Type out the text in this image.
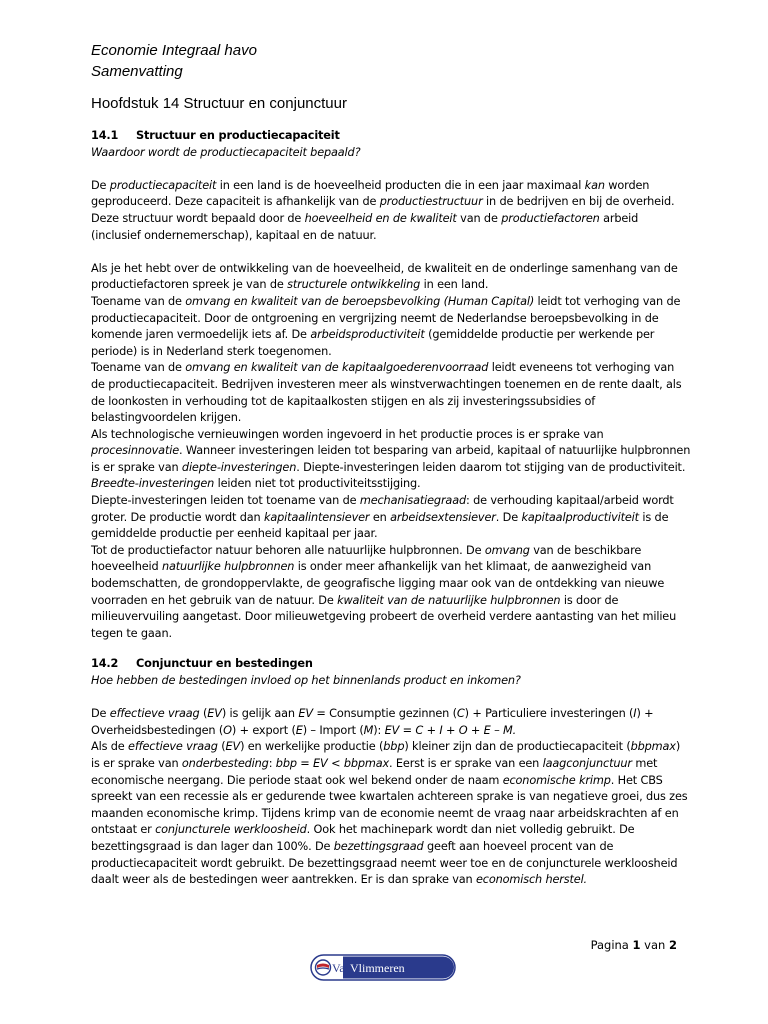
Economie Integraal havo
Samenvatting
Hoofdstuk 14 Structuur en conjunctuur
14.1 Structuur en productiecapaciteit
Waardoor wordt de productiecapaciteit bepaald?

De productiecapaciteit in een land is de hoeveelheid producten die in een jaar maximaal kan worden geproduceerd. Deze capaciteit is afhankelijk van de productiestructuur in de bedrijven en bij de overheid. Deze structuur wordt bepaald door de hoeveelheid en de kwaliteit van de productiefactoren arbeid (inclusief ondernemerschap), kapitaal en de natuur.

Als je het hebt over de ontwikkeling van de hoeveelheid, de kwaliteit en de onderlinge samenhang van de productiefactoren spreek je van de structurele ontwikkeling in een land.
Toename van de omvang en kwaliteit van de beroepsbevolking (Human Capital) leidt tot verhoging van de productiecapaciteit. Door de ontgroening en vergrijzing neemt de Nederlandse beroepsbevolking in de komende jaren vermoedelijk iets af. De arbeidsproductiviteit (gemiddelde productie per werkende per periode) is in Nederland sterk toegenomen.
Toename van de omvang en kwaliteit van de kapitaalgoederenvoorraad leidt eveneens tot verhoging van de productiecapaciteit. Bedrijven investeren meer als winstverwachtingen toenemen en de rente daalt, als de loonkosten in verhouding tot de kapitaalkosten stijgen en als zij investeringssubsidies of belastingvoordelen krijgen.
Als technologische vernieuwingen worden ingevoerd in het productie proces is er sprake van procesinnovatie. Wanneer investeringen leiden tot besparing van arbeid, kapitaal of natuurlijke hulpbronnen is er sprake van diepte-investeringen. Diepte-investeringen leiden daarom tot stijging van de productiviteit. Breedte-investeringen leiden niet tot productiviteitsstijging.
Diepte-investeringen leiden tot toename van de mechanisatiegraad: de verhouding kapitaal/arbeid wordt groter. De productie wordt dan kapitaalintensiever en arbeidsextensiever. De kapitaalproductiviteit is de gemiddelde productie per eenheid kapitaal per jaar.
Tot de productiefactor natuur behoren alle natuurlijke hulpbronnen. De omvang van de beschikbare hoeveelheid natuurlijke hulpbronnen is onder meer afhankelijk van het klimaat, de aanwezigheid van bodemschatten, de grondoppervlakte, de geografische ligging maar ook van de ontdekking van nieuwe voorraden en het gebruik van de natuur. De kwaliteit van de natuurlijke hulpbronnen is door de milieuvervuiling aangetast. Door milieuwetgeving probeert de overheid verdere aantasting van het milieu tegen te gaan.

14.2 Conjunctuur en bestedingen
Hoe hebben de bestedingen invloed op het binnenlands product en inkomen?

De effectieve vraag (EV) is gelijk aan EV = Consumptie gezinnen (C) + Particuliere investeringen (I) + Overheidsbestedingen (O) + export (E) – Import (M): EV = C + I + O + E – M.
Als de effectieve vraag (EV) en werkelijke productie (bbp) kleiner zijn dan de productiecapaciteit (bbpmax) is er sprake van onderbesteding: bbp = EV < bbpmax. Eerst is er sprake van een laagconjunctuur met economische neergang. Die periode staat ook wel bekend onder de naam economische krimp. Het CBS spreekt van een recessie als er gedurende twee kwartalen achtereen sprake is van negatieve groei, dus zes maanden economische krimp. Tijdens krimp van de economie neemt de vraag naar arbeidskrachten af en ontstaat er conjuncturele werkloosheid. Ook het machinepark wordt dan niet volledig gebruikt. De bezettingsgraad is dan lager dan 100%. De bezettingsgraad geeft aan hoeveel procent van de productiecapaciteit wordt gebruikt. De bezettingsgraad neemt weer toe en de conjuncturele werkloosheid daalt weer als de bestedingen weer aantrekken. Er is dan sprake van economisch herstel.

Pagina 1 van 2
Van Vlimmeren
